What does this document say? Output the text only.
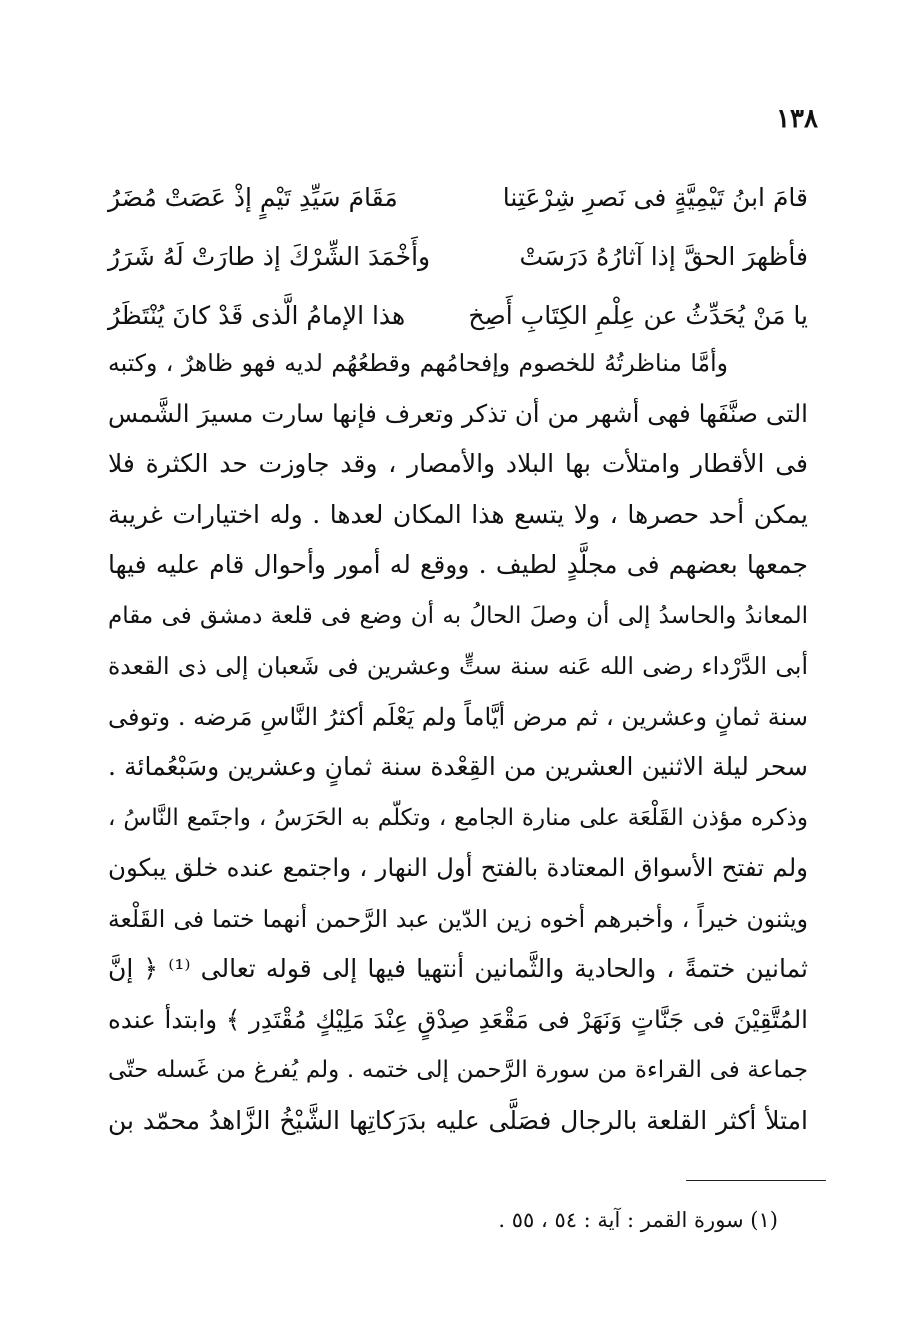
١٣٨
قامَ ابنُ تَيْمِيَّةٍ فى نَصرِ شِرْعَتِنا
مَقَامَ سَيِّدِ تَيْمٍ إذْ عَصَتْ مُضَرُ
فأظهرَ الحقَّ إذا آثارُهُ دَرَسَتْ
وأَخْمَدَ الشِّرْكَ إذ طارَتْ لَهُ شَرَرُ
يا مَنْ يُحَدِّثُ عن عِلْمِ الكِتَابِ أَصِخ
هذا الإمامُ الَّذى قَدْ كانَ يُنْتَظَرُ
وأمَّا مناظرتُهُ للخصوم وإفحامُهم وقطعُهُم لديه فهو ظاهرٌ ، وكتبه
التى صنَّفَها فهى أشهر من أن تذكر وتعرف فإنها سارت مسيرَ الشَّمس
فى الأقطار وامتلأت بها البلاد والأمصار ، وقد جاوزت حد الكثرة فلا
يمكن أحد حصرها ، ولا يتسع هذا المكان لعدها . وله اختيارات غريبة
جمعها بعضهم فى مجلَّدٍ لطيف . ووقع له أمور وأحوال قام عليه فيها
المعاندُ والحاسدُ إلى أن وصلَ الحالُ به أن وضع فى قلعة دمشق فى مقام
أبى الدَّرْداء رضى الله عَنه سنة ستٍّ وعشرين فى شَعبان إلى ذى القعدة
سنة ثمانٍ وعشرين ، ثم مرض أيَّاماً ولم يَعْلَم أكثرُ النَّاسِ مَرضه . وتوفى
سحر ليلة الاثنين العشرين من القِعْدة سنة ثمانٍ وعشرين وسَبْعُمائة .
وذكره مؤذن القَلْعَة على منارة الجامع ، وتكلّم به الحَرَسُ ، واجتَمع النَّاسُ ،
ولم تفتح الأسواق المعتادة بالفتح أول النهار ، واجتمع عنده خلق يبكون
ويثنون خيراً ، وأخبرهم أخوه زين الدّين عبد الرَّحمن أنهما ختما فى القَلْعة
ثمانين ختمةً ، والحادية والثَّمانين أنتهيا فيها إلى قوله تعالى ⁽¹⁾ ﴿ إنَّ
المُتَّقِيْنَ فى جَنَّاتٍ وَنَهَرْ فى مَقْعَدِ صِدْقٍ عِنْدَ مَلِيْكٍ مُقْتَدِر ﴾ وابتدأ عنده
جماعة فى القراءة من سورة الرَّحمن إلى ختمه . ولم يُفرغ من غَسله حتّى
امتلأ أكثر القلعة بالرجال فصَلَّى عليه بدَرَكاتِها الشَّيْخُ الزَّاهدُ محمّد بن
(١) سورة القمر : آية : ٥٤ ، ٥٥ .
